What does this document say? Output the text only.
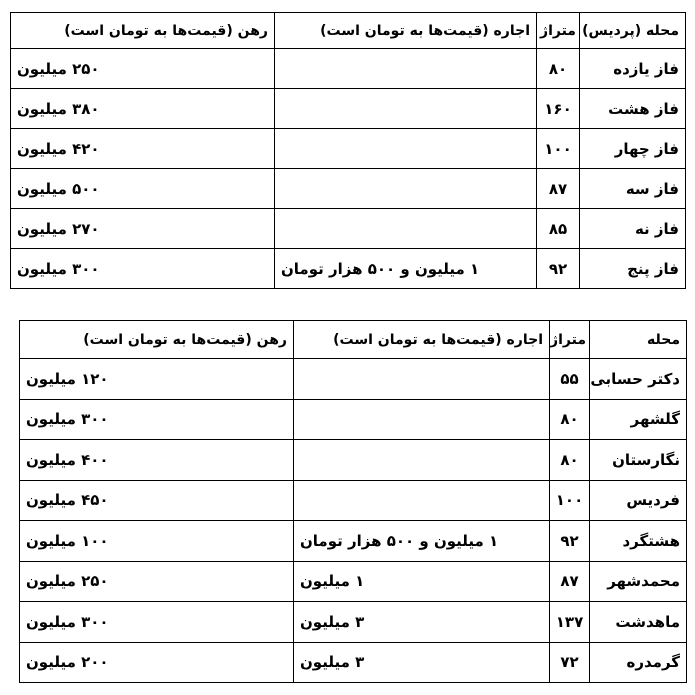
محله (پردیس)	متراژ	اجاره (قیمت‌ها به تومان است)	رهن (قیمت‌ها به تومان است)
فاز یازده	۸۰		۲۵۰ میلیون
فاز هشت	۱۶۰		۳۸۰ میلیون
فاز چهار	۱۰۰		۴۲۰ میلیون
فاز سه	۸۷		۵۰۰ میلیون
فاز نه	۸۵		۲۷۰ میلیون
فاز پنج	۹۲	۱ میلیون و ۵۰۰ هزار تومان	۳۰۰ میلیون
محله	متراژ	اجاره (قیمت‌ها به تومان است)	رهن (قیمت‌ها به تومان است)
دکتر حسابی	۵۵		۱۲۰ میلیون
گلشهر	۸۰		۳۰۰ میلیون
نگارستان	۸۰		۴۰۰ میلیون
فردیس	۱۰۰		۴۵۰ میلیون
هشتگرد	۹۲	۱ میلیون و ۵۰۰ هزار تومان	۱۰۰ میلیون
محمدشهر	۸۷	۱ میلیون	۲۵۰ میلیون
ماهدشت	۱۳۷	۳ میلیون	۳۰۰ میلیون
گرمدره	۷۲	۳ میلیون	۲۰۰ میلیون
